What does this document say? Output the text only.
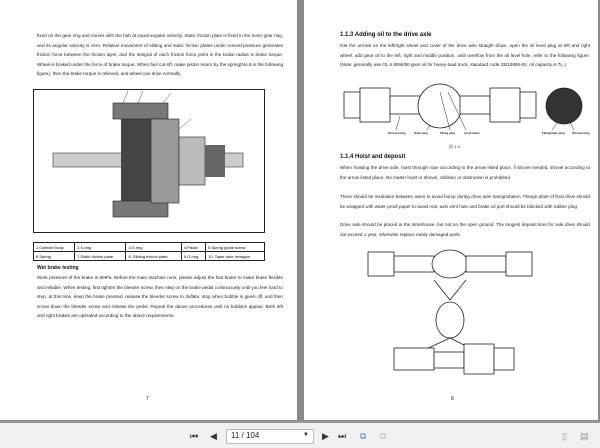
fixed on the gear ring and moves with the hub at equal angular velocity. Static friction plate is fixed in the inner gear ring, and its angular velocity is zero. Relative movement of sliding and static friction plates under normal pressure generates friction force between the friction layer, and the integral of each friction force point in the brake radius is brake torque. Wheel is braked under the force of brake torque. When fuel cut-off, make piston return by the spring(No.6 in the following figure), then the brake torque is relieved, and wheel can drive normally.
1.Cylinder body	2.X-ring	3.X-ring	4.Piston	5.Spring guide screw
6.Spring	7.Static friction plate	8. Sliding friction plate	9.O-ring	10. Taper tube hexagon
Wet brake testing
Work pressure of the brake is 8MPa. Before the main machine runs, please adjust the foot brake to make brake flexible and reliable. When testing, first tighten the bleeder screw, then step on the brake pedal continuously until you feel hard to step, at this time, keep the brake pressed, release the bleeder screw to deflate, stop when bubble is given off, and then screw down the bleeder screw and release the pedal. Repeat the above procedures until no bubbles appear. Both left and right brakes are operated according to the above requirements.
7
1.1.3 Adding oil to the drive axle
Get the arrows on the left/right wheel and cover of the drive axle straight down, open the oil level plug at left and right wheel, add gear oil to the left, right and middle position, until overflow from the oil level hole, refer to the following figure. (Note: generally use GL-5 85W/90 gear oil for heavy-load truck, standard code GB13895-92, oil capacity is 7L.)
Oil level plug	Drain plug	Filling plug	Air breather	Filling/drain plug	Oil level plug
图 1-4
1.1.4 Hoist and deposit
When hoisting the drive axle, hoist through rope according to the arrow listed place, if shovel needed, shovel according to the arrow listed place. No matter hoist or shovel, collision or obstrusion is prohibited.
There should be insulation between axles to avoid bump during drive axle transportation. Flange plate of final drive should be wrapped with water proof paper to avoid rust, axle vent hole and brake oil port should be blocked with rubber plug
Drive axle should be placed in the storehouse, but not on the open ground. The longest deposit time for axle drive should not exceed 1 year, otherwise replace easily damaged parts.
8
⏮ ◀	11 / 104	▼ ▶ ⏭ ⧉ ⧉	▯ ▤
